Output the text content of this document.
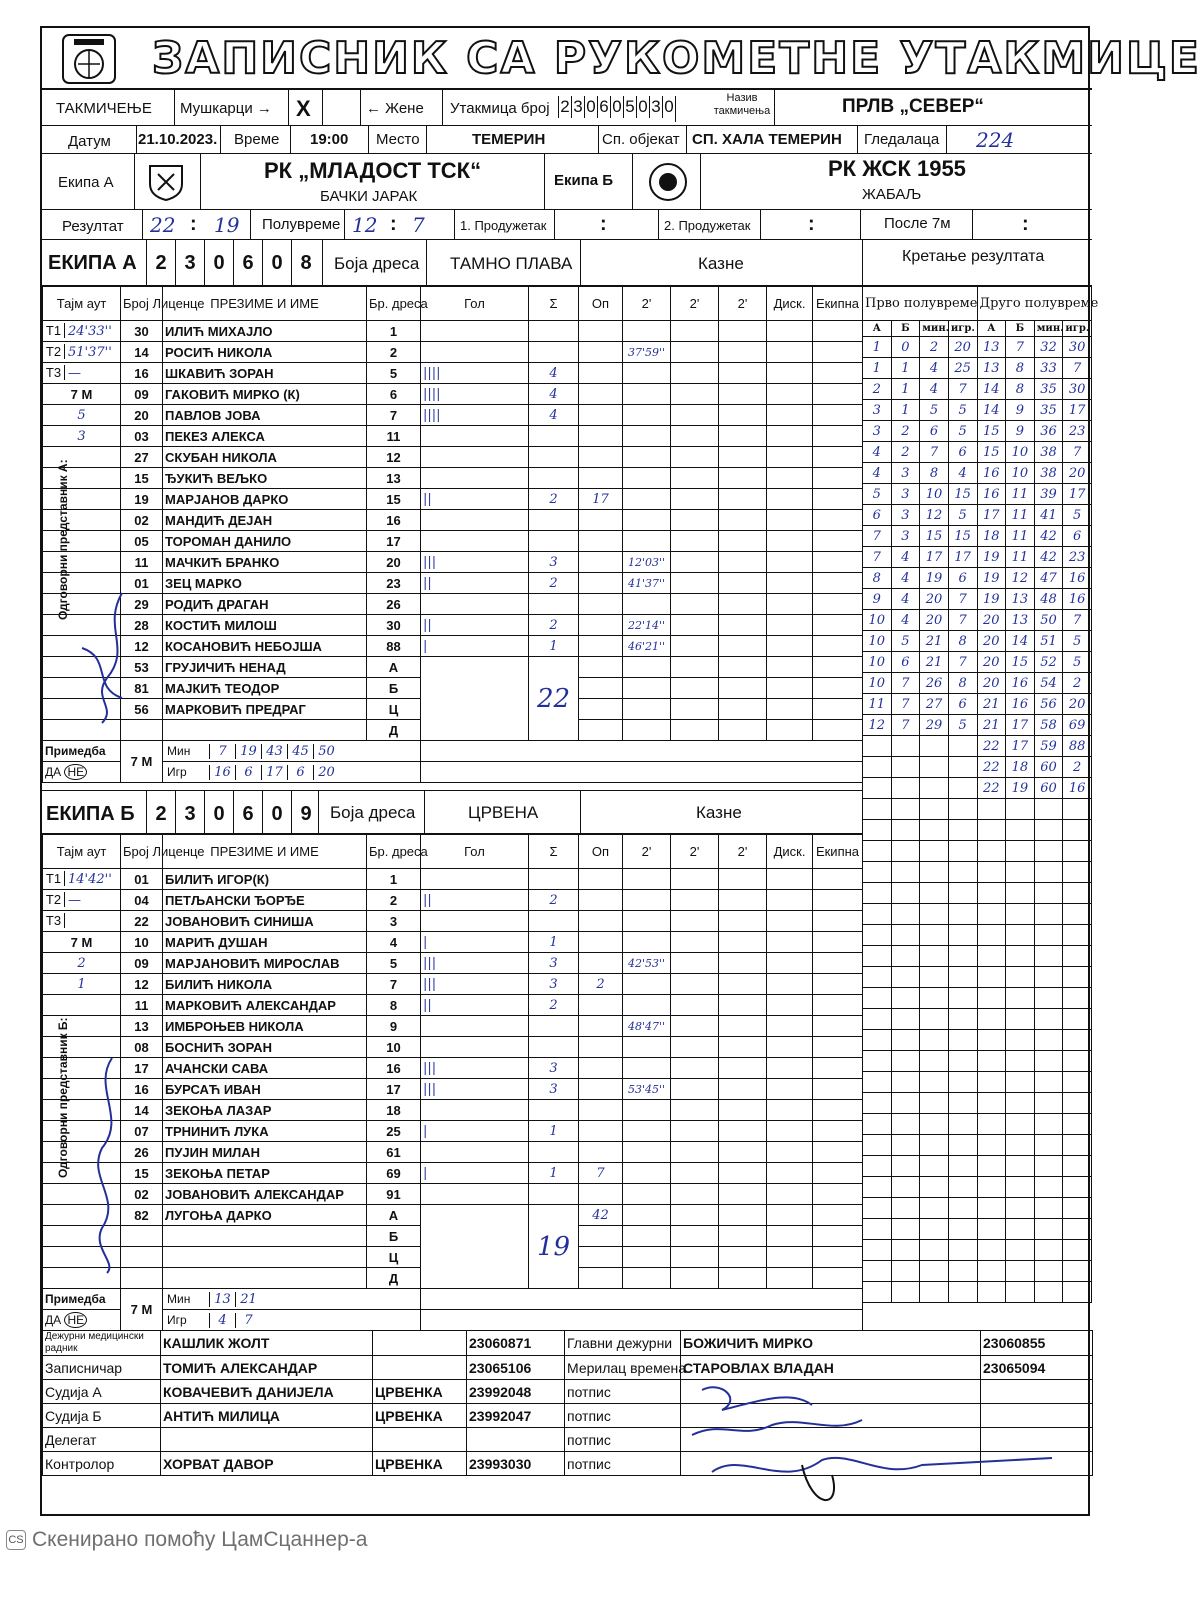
ЗАПИСНИК СА РУКОМЕТНЕ УТАКМИЦЕ
ТАКМИЧЕЊЕ Мушкарци → X	← Жене Утакмица број 2 3 0 6 0 5 0 3 0	Назив такмичења	ПРЛВ „СЕВЕР“
Датум 21.10.2023. Време 19:00 Место	ТЕМЕРИН	Сп. објекат СП. ХАЛА ТЕМЕРИН Гледалаца 224
Екипа А	РК „МЛАДОСТ ТСК“
БАЧКИ ЈАРАК
Екипа Б	РК ЖСК 1955
ЖАБАЉ
Резултат 22 : 19 Полувреме 12 : 7	1. Продужетак	:	2. Продужетак	:	После 7м	:
ЕКИПА А 2 3 0 6 0 8	Боја дреса ТАМНО ПЛАВА	Казне	Кретање резултата
Тајм аут	Број Лиценце	ПРЕЗИМЕ И ИМЕ	Бр. дреса	Гол	Σ	Оп	2'	2'	2'	Диск.	Екипна
Т1 24'33''	30	ИЛИЋ МИХАЈЛО	1								
Т2 51'37''	14	РОСИЋ НИКОЛА	2				37'59''				
Т3 —	16	ШКАВИЋ ЗОРАН	5	||||	4						
7 М	09	ГАКОВИЋ МИРКО (К)	6	||||	4						
5	20	ПАВЛОВ ЈОВА	7	||||	4						
3	03	ПЕКЕЗ АЛЕКСА	11								
	27	СКУБАН НИКОЛА	12								
	15	ЂУКИЋ ВЕЉКО	13								
	19	МАРЈАНОВ ДАРКО	15	||	2	17					
	02	МАНДИЋ ДЕЈАН	16								
	05	ТОРОМАН ДАНИЛО	17								
	11	МАЧКИЋ БРАНКО	20	|||	3		12'03''				
	01	ЗЕЦ МАРКО	23	||	2		41'37''				
	29	РОДИЋ ДРАГАН	26								
	28	КОСТИЋ МИЛОШ	30	||	2		22'14''				
	12	КОСАНОВИЋ НЕБОЈША	88	|	1		46'21''				
	53	ГРУЈИЧИЋ НЕНАД	А		22						
	81	МАЈКИЋ ТЕОДОР	Б								
	56	МАРКОВИЋ ПРЕДРАГ	Ц								
			Д								
Примедба	7 М	Мин 7 19 43 45 50									
ДА НЕ		Игр 16 6 17 6 20									
Прво полувреме				Друго полувреме			
А	Б	мин.	игр.	А	Б	мин.	игр.
1	0	2	20	13	7	32	30
1	1	4	25	13	8	33	7
2	1	4	7	14	8	35	30
3	1	5	5	14	9	35	17
3	2	6	5	15	9	36	23
4	2	7	6	15	10	38	7
4	3	8	4	16	10	38	20
5	3	10	15	16	11	39	17
6	3	12	5	17	11	41	5
7	3	15	15	18	11	42	6
7	4	17	17	19	11	42	23
8	4	19	6	19	12	47	16
9	4	20	7	19	13	48	16
10	4	20	7	20	13	50	7
10	5	21	8	20	14	51	5
10	6	21	7	20	15	52	5
10	7	26	8	20	16	54	2
11	7	27	6	21	16	56	20
12	7	29	5	21	17	58	69
				22	17	59	88
				22	18	60	2
				22	19	60	16

Одговорни представник А:
ЕКИПА Б	2 3 0 6 0 9	Боја дреса	ЦРВЕНА	Казне
Тајм аут	Број Лиценце	ПРЕЗИМЕ И ИМЕ	Бр. дреса	Гол	Σ	Оп	2'	2'	2'	Диск.	Екипна
Т1 14'42''	01	БИЛИЋ ИГОР(К)	1								
Т2 —	04	ПЕТЉАНСКИ ЂОРЂЕ	2	||	2						
Т3	22	ЈОВАНОВИЋ СИНИША	3								
7 М	10	МАРИЋ ДУШАН	4	|	1						
2	09	МАРЈАНОВИЋ МИРОСЛАВ	5	|||	3		42'53''				
1	12	БИЛИЋ НИКОЛА	7	|||	3	2					
	11	МАРКОВИЋ АЛЕКСАНДАР	8	||	2						
	13	ИМБРОЊЕВ НИКОЛА	9				48'47''				
	08	БОСНИЋ ЗОРАН	10								
	17	АЧАНСКИ САВА	16	|||	3						
	16	БУРСАЋ ИВАН	17	|||	3		53'45''				
	14	ЗЕКОЊА ЛАЗАР	18								
	07	ТРНИНИЋ ЛУКА	25	|	1						
	26	ПУЈИН МИЛАН	61								
	15	ЗЕКОЊА ПЕТАР	69	|	1	7					
	02	ЈОВАНОВИЋ АЛЕКСАНДАР	91								
	82	ЛУГОЊА ДАРКО	А		19	42					
			Б								
			Ц								
			Д								
Примедба	7 М	Мин 13 21									
ДА НЕ		Игр 4 7									
Одговорни представник Б:
Дежурни медицински радник	КАШЛИК ЖОЛТ		23060871	Главни дежурни	БОЖИЧИЋ МИРКО	23060855
Записничар	ТОМИЋ АЛЕКСАНДАР		23065106	Мерилац времена	СТАРОВЛАХ ВЛАДАН	23065094
Судија А	КОВАЧЕВИЋ ДАНИЈЕЛА	ЦРВЕНКА	23992048	потпис		
Судија Б	АНТИЋ МИЛИЦА	ЦРВЕНКА	23992047	потпис		
Делегат				потпис		
Контролор	ХОРВАТ ДАВОР	ЦРВЕНКА	23993030	потпис		
CS Скенирано помоћу ЦамСцаннер-а
